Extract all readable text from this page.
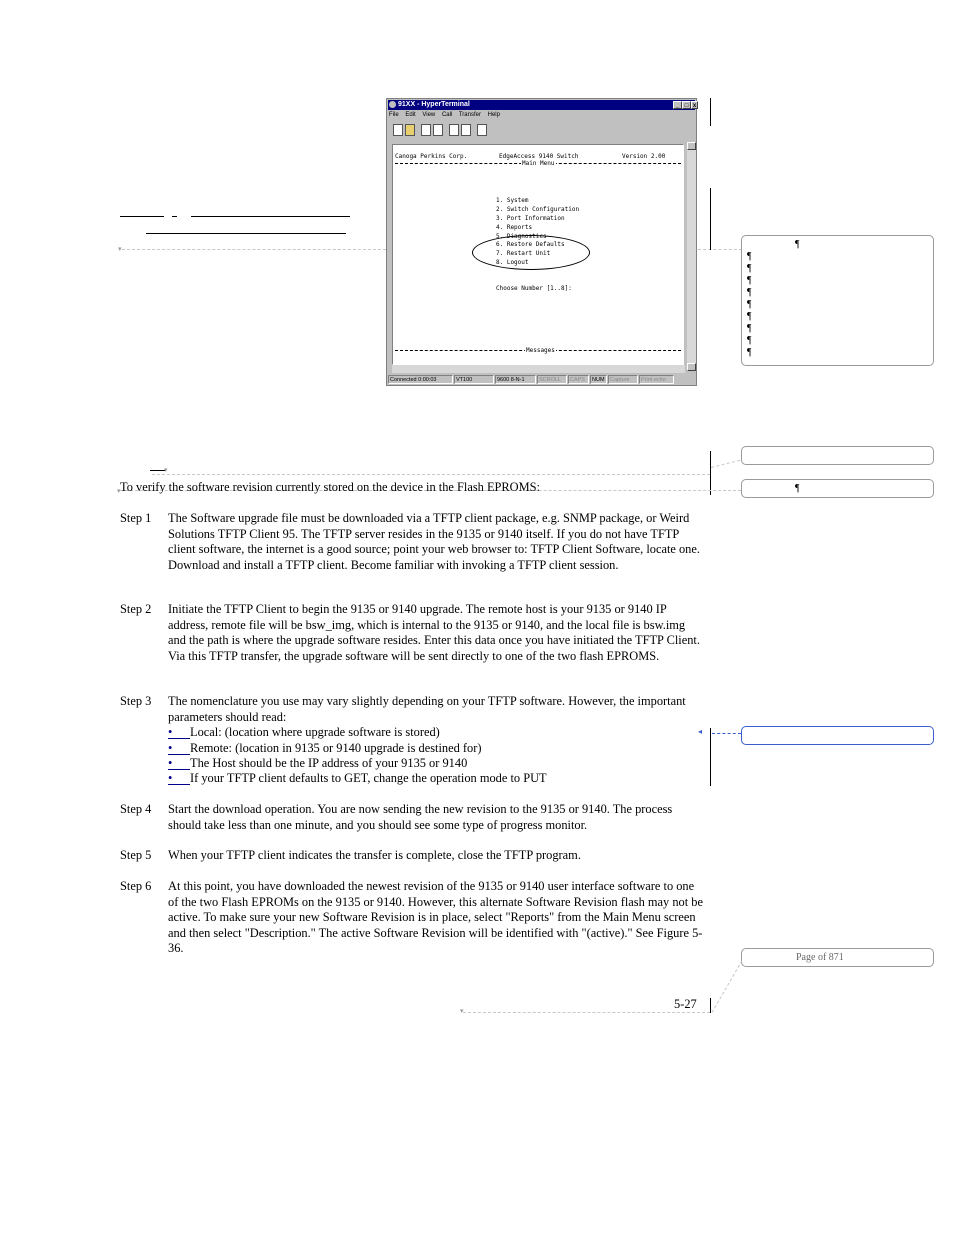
91XX - HyperTerminal	_ □ x
File Edit View Call Transfer Help
Canoga Perkins Corp.	EdgeAccess 9140 Switch	Version 2.00
Main Menu
1. System
2. Switch Configuration
3. Port Information
4. Reports
5. Diagnostics
6. Restore Defaults
7. Restart Unit
8. Logout
Choose Number [1..8]:
Messages
Connected 0:00:03	VT100	9600 8-N-1	SCROLL	CAPS	NUM Capture	Print echo
▾	¶
¶
¶
¶
¶
¶
¶
¶
¶
¶
▾
¶
▾
◂
Page of 871
▾
To verify the software revision currently stored on the device in the Flash EPROMS:
Step 1 The Software upgrade file must be downloaded via a TFTP client package, e.g. SNMP package, or Weird Solutions TFTP Client 95. The TFTP server resides in the 9135 or 9140 itself. If you do not have TFTP client software, the internet is a good source; point your web browser to: TFTP Client Software, locate one. Download and install a TFTP client. Become familiar with invoking a TFTP client session.
Step 2 Initiate the TFTP Client to begin the 9135 or 9140 upgrade. The remote host is your 9135 or 9140 IP address, remote file will be bsw_img, which is internal to the 9135 or 9140, and the local file is bsw.img and the path is where the upgrade software resides. Enter this data once you have initiated the TFTP Client. Via this TFTP transfer, the upgrade software will be sent directly to one of the two flash EPROMS.
Step 3 The nomenclature you use may vary slightly depending on your TFTP software. However, the important parameters should read:
• Local: (location where upgrade software is stored)
• Remote: (location in 9135 or 9140 upgrade is destined for)
• The Host should be the IP address of your 9135 or 9140
• If your TFTP client defaults to GET, change the operation mode to PUT
Step 4 Start the download operation. You are now sending the new revision to the 9135 or 9140. The process should take less than one minute, and you should see some type of progress monitor.
Step 5 When your TFTP client indicates the transfer is complete, close the TFTP program.
Step 6 At this point, you have downloaded the newest revision of the 9135 or 9140 user interface software to one of the two Flash EPROMs on the 9135 or 9140. However, this alternate Software Revision flash may not be active. To make sure your new Software Revision is in place, select "Reports" from the Main Menu screen and then select "Description." The active Software Revision will be identified with "(active)." See Figure 5-36.
5-27
